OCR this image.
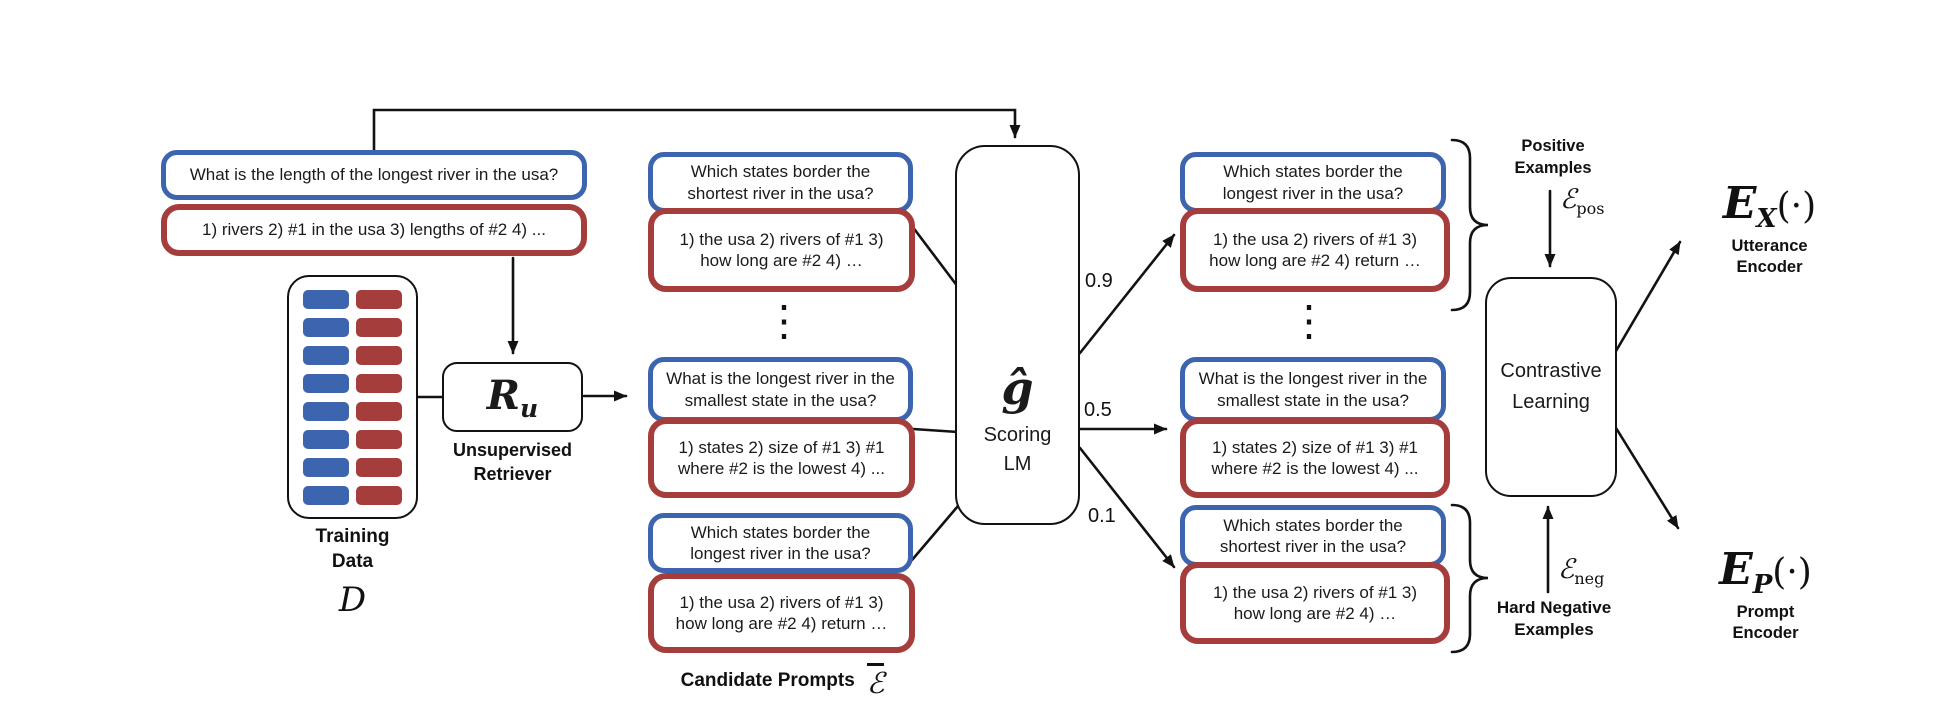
What is the length of the longest river in the usa?
1) rivers 2) #1 in the usa 3) lengths of #2 4) ...
Training Data
D
Ru
Unsupervised Retriever
Which states border the shortest river in the usa?
1) the usa 2) rivers of #1 3) how long are #2 4) …
⋮
What is the longest river in the smallest state in the usa?
1) states 2) size of #1 3) #1 where #2 is the lowest 4) ...
Which states border the longest river in the usa?
1) the usa 2) rivers of #1 3) how long are #2 4) return …
Candidate Prompts ℰ
ĝ
Scoring LM
0.9
0.5
0.1
Which states border the longest river in the usa?
1) the usa 2) rivers of #1 3) how long are #2 4) return …
⋮
What is the longest river in the smallest state in the usa?
1) states 2) size of #1 3) #1 where #2 is the lowest 4) ...
Which states border the shortest river in the usa?
1) the usa 2) rivers of #1 3) how long are #2 4) …
Positive Examples
ℰpos
ℰneg
Hard Negative Examples
Contrastive Learning
EX(·)
Utterance Encoder
EP(·)
Prompt Encoder
